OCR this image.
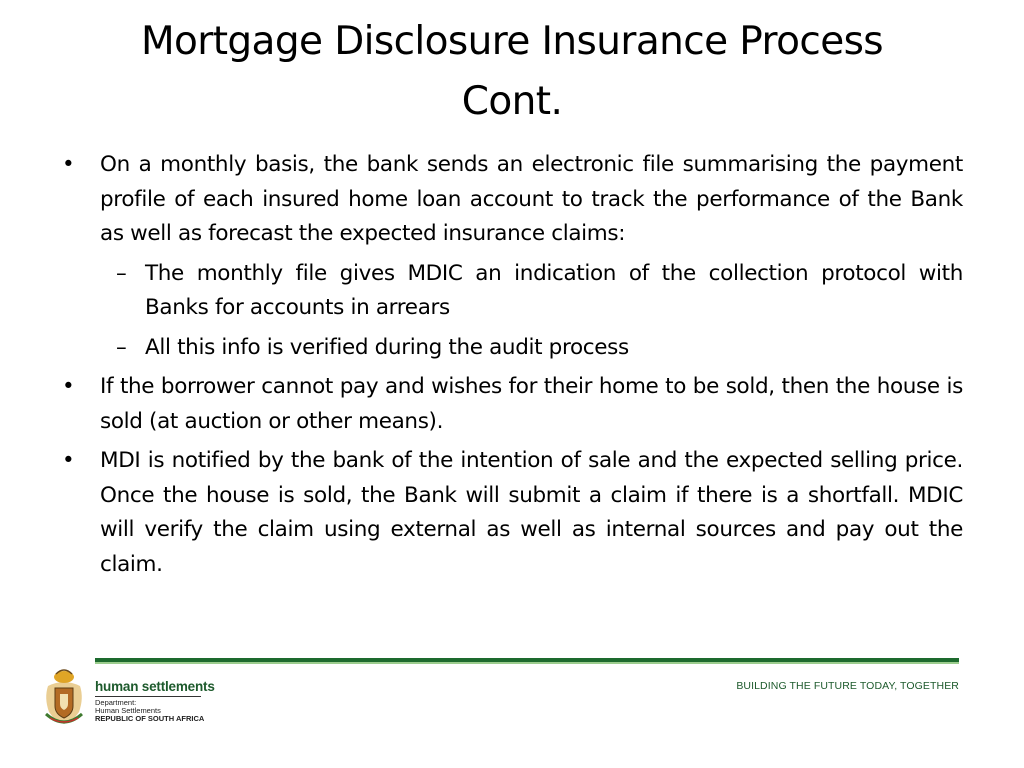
Mortgage Disclosure Insurance Process
Cont.

• On a monthly basis, the bank sends an electronic file summarising the payment profile of each insured home loan account to track the performance of the Bank as well as forecast the expected insurance claims:

– The monthly file gives MDIC an indication of the collection protocol with Banks for accounts in arrears

– All this info is verified during the audit process

• If the borrower cannot pay and wishes for their home to be sold, then the house is sold (at auction or other means).

• MDI is notified by the bank of the intention of sale and the expected selling price. Once the house is sold, the Bank will submit a claim if there is a shortfall. MDIC will verify the claim using external as well as internal sources and pay out the claim.

human settlements
Department:
Human Settlements
REPUBLIC OF SOUTH AFRICA
BUILDING THE FUTURE TODAY, TOGETHER
